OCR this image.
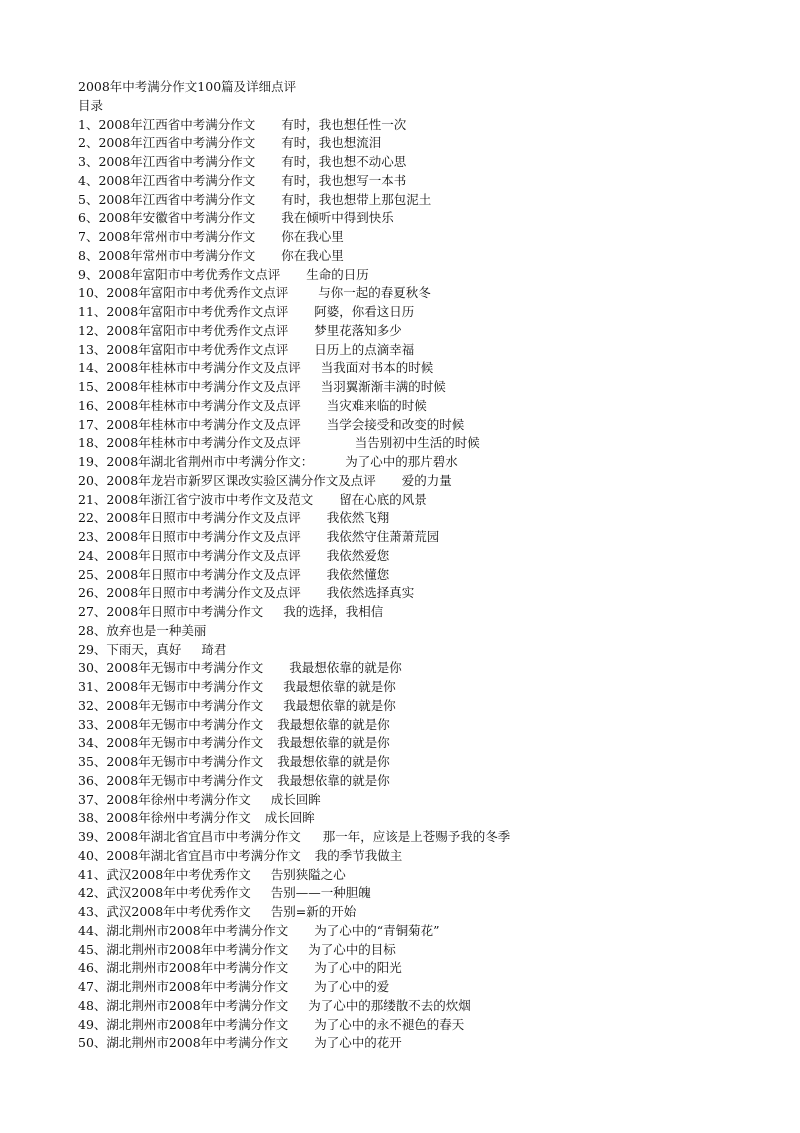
2008年中考满分作文100篇及详细点评
目录
1、2008年江西省中考满分作文 有时，我也想任性一次
2、2008年江西省中考满分作文 有时，我也想流泪
3、2008年江西省中考满分作文 有时，我也想不动心思
4、2008年江西省中考满分作文 有时，我也想写一本书
5、2008年江西省中考满分作文 有时，我也想带上那包泥土
6、2008年安徽省中考满分作文 我在倾听中得到快乐
7、2008年常州市中考满分作文 你在我心里
8、2008年常州市中考满分作文 你在我心里
9、2008年富阳市中考优秀作文点评 生命的日历
10、2008年富阳市中考优秀作文点评 与你一起的春夏秋冬
11、2008年富阳市中考优秀作文点评 阿婆，你看这日历
12、2008年富阳市中考优秀作文点评 梦里花落知多少
13、2008年富阳市中考优秀作文点评 日历上的点滴幸福
14、2008年桂林市中考满分作文及点评 当我面对书本的时候
15、2008年桂林市中考满分作文及点评 当羽翼渐渐丰满的时候
16、2008年桂林市中考满分作文及点评 当灾难来临的时候
17、2008年桂林市中考满分作文及点评 当学会接受和改变的时候
18、2008年桂林市中考满分作文及点评	当告别初中生活的时候
19、2008年湖北省荆州市中考满分作文：	为了心中的那片碧水
20、2008年龙岩市新罗区课改实验区满分作文及点评 爱的力量
21、2008年浙江省宁波市中考作文及范文 留在心底的风景
22、2008年日照市中考满分作文及点评 我依然飞翔
23、2008年日照市中考满分作文及点评 我依然守住萧萧荒园
24、2008年日照市中考满分作文及点评 我依然爱您
25、2008年日照市中考满分作文及点评 我依然懂您
26、2008年日照市中考满分作文及点评 我依然选择真实
27、2008年日照市中考满分作文 我的选择，我相信
28、放弃也是一种美丽
29、下雨天，真好 琦君
30、2008年无锡市中考满分作文 我最想依靠的就是你
31、2008年无锡市中考满分作文 我最想依靠的就是你
32、2008年无锡市中考满分作文 我最想依靠的就是你
33、2008年无锡市中考满分作文 我最想依靠的就是你
34、2008年无锡市中考满分作文 我最想依靠的就是你
35、2008年无锡市中考满分作文 我最想依靠的就是你
36、2008年无锡市中考满分作文 我最想依靠的就是你
37、2008年徐州中考满分作文 成长回眸
38、2008年徐州中考满分作文 成长回眸
39、2008年湖北省宜昌市中考满分作文 那一年，应该是上苍赐予我的冬季
40、2008年湖北省宜昌市中考满分作文 我的季节我做主
41、武汉2008年中考优秀作文 告别狭隘之心
42、武汉2008年中考优秀作文 告别——一种胆魄
43、武汉2008年中考优秀作文 告别=新的开始
44、湖北荆州市2008年中考满分作文 为了心中的“青铜菊花”
45、湖北荆州市2008年中考满分作文 为了心中的目标
46、湖北荆州市2008年中考满分作文 为了心中的阳光
47、湖北荆州市2008年中考满分作文 为了心中的爱
48、湖北荆州市2008年中考满分作文 为了心中的那缕散不去的炊烟
49、湖北荆州市2008年中考满分作文 为了心中的永不褪色的春天
50、湖北荆州市2008年中考满分作文 为了心中的花开
